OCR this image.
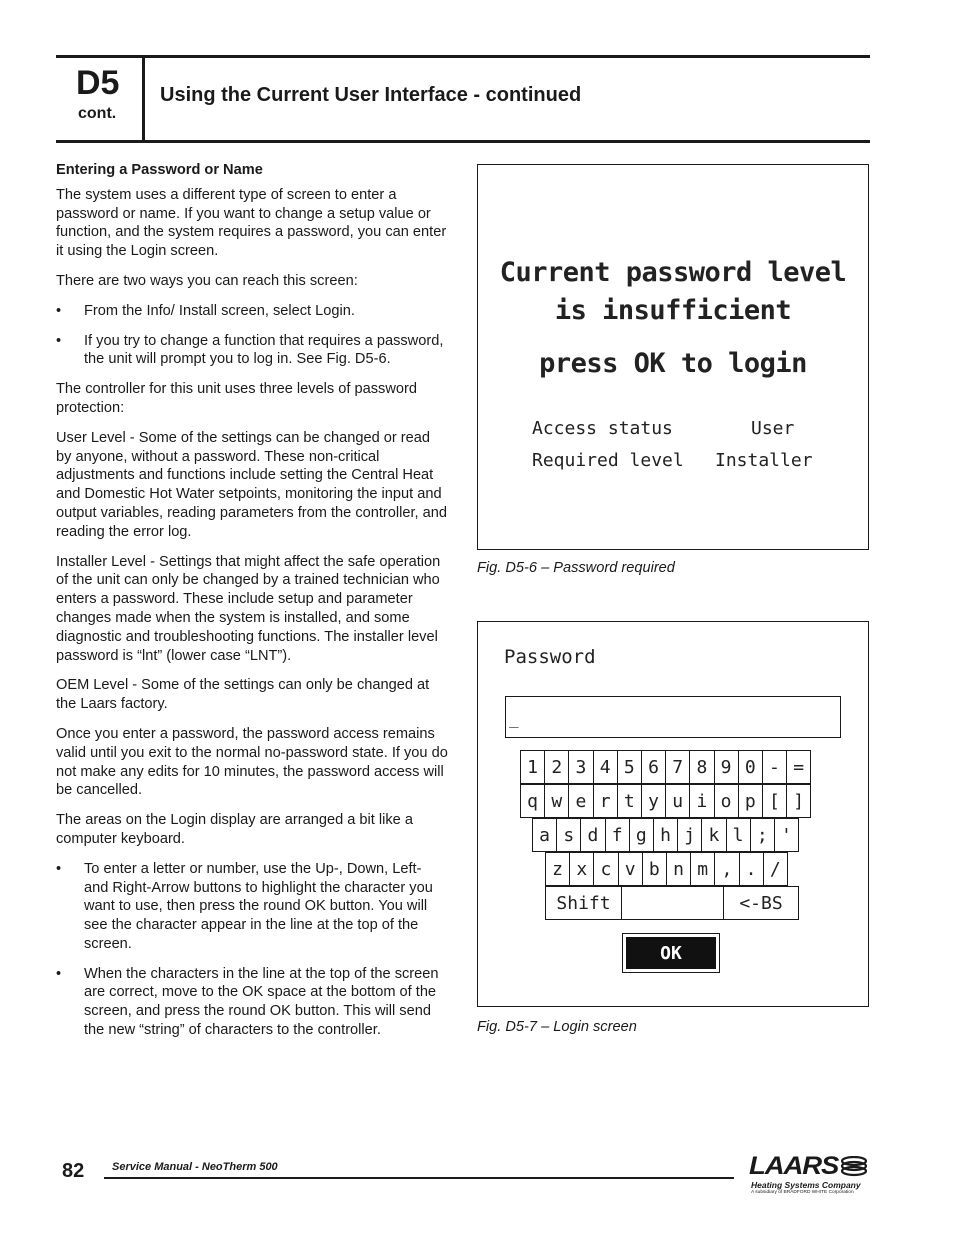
D5
cont.
Using the Current User Interface - continued
Entering a Password or Name

The system uses a different type of screen to enter a password or name. If you want to change a setup value or function, and the system requires a password, you can enter it using the Login screen.

There are two ways you can reach this screen:

• From the Info/ Install screen, select Login.
• If you try to change a function that requires a password, the unit will prompt you to log in. See Fig. D5-6.

The controller for this unit uses three levels of password protection:

User Level - Some of the settings can be changed or read by anyone, without a password. These non-critical adjustments and functions include setting the Central Heat and Domestic Hot Water setpoints, monitoring the input and output variables, reading parameters from the controller, and reading the error log.

Installer Level - Settings that might affect the safe operation of the unit can only be changed by a trained technician who enters a password. These include setup and parameter changes made when the system is installed, and some diagnostic and troubleshooting functions. The installer level password is “lnt” (lower case “LNT”).

OEM Level - Some of the settings can only be changed at the Laars factory.

Once you enter a password, the password access remains valid until you exit to the normal no-password state. If you do not make any edits for 10 minutes, the password access will be cancelled.

The areas on the Login display are arranged a bit like a computer keyboard.

• To enter a letter or number, use the Up-, Down, Left- and Right-Arrow buttons to highlight the character you want to use, then press the round OK button. You will see the character appear in the line at the top of the screen.
• When the characters in the line at the top of the screen are correct, move to the OK space at the bottom of the screen, and press the round OK button. This will send the new “string” of characters to the controller.
Current password level
is insufficient
press OK to login
Access status	User
Required level Installer
Fig. D5-6 – Password required
Password
_
1 2 3 4 5 6 7 8 9 0 - =
q w e r t y u i o p [ ]
a s d f g h j k l ; '
z x c v b n m , . /
Shift	<-BS
OK
Fig. D5-7 – Login screen
82	Service Manual - NeoTherm 500	LAARS
Heating Systems Company
A subsidiary of BRADFORD WHITE Corporation
